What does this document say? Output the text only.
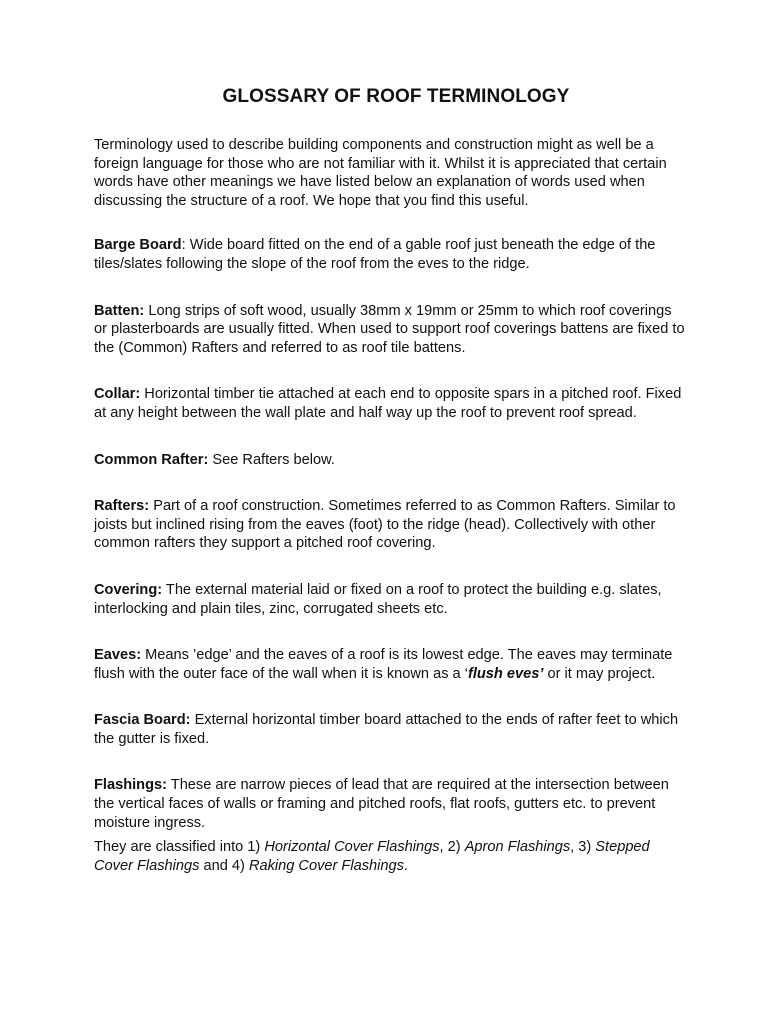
GLOSSARY OF ROOF TERMINOLOGY

Terminology used to describe building components and construction might as well be a foreign language for those who are not familiar with it. Whilst it is appreciated that certain words have other meanings we have listed below an explanation of words used when discussing the structure of a roof. We hope that you find this useful.

Barge Board: Wide board fitted on the end of a gable roof just beneath the edge of the tiles/slates following the slope of the roof from the eves to the ridge.

Batten: Long strips of soft wood, usually 38mm x 19mm or 25mm to which roof coverings or plasterboards are usually fitted. When used to support roof coverings battens are fixed to the (Common) Rafters and referred to as roof tile battens.

Collar: Horizontal timber tie attached at each end to opposite spars in a pitched roof. Fixed at any height between the wall plate and half way up the roof to prevent roof spread.

Common Rafter: See Rafters below.

Rafters: Part of a roof construction. Sometimes referred to as Common Rafters. Similar to joists but inclined rising from the eaves (foot) to the ridge (head). Collectively with other common rafters they support a pitched roof covering.

Covering: The external material laid or fixed on a roof to protect the building e.g. slates, interlocking and plain tiles, zinc, corrugated sheets etc.

Eaves: Means ’edge’ and the eaves of a roof is its lowest edge. The eaves may terminate flush with the outer face of the wall when it is known as a ‘flush eves’ or it may project.

Fascia Board: External horizontal timber board attached to the ends of rafter feet to which the gutter is fixed.

Flashings: These are narrow pieces of lead that are required at the intersection between the vertical faces of walls or framing and pitched roofs, flat roofs, gutters etc. to prevent moisture ingress.

They are classified into 1) Horizontal Cover Flashings, 2) Apron Flashings, 3) Stepped Cover Flashings and 4) Raking Cover Flashings.
